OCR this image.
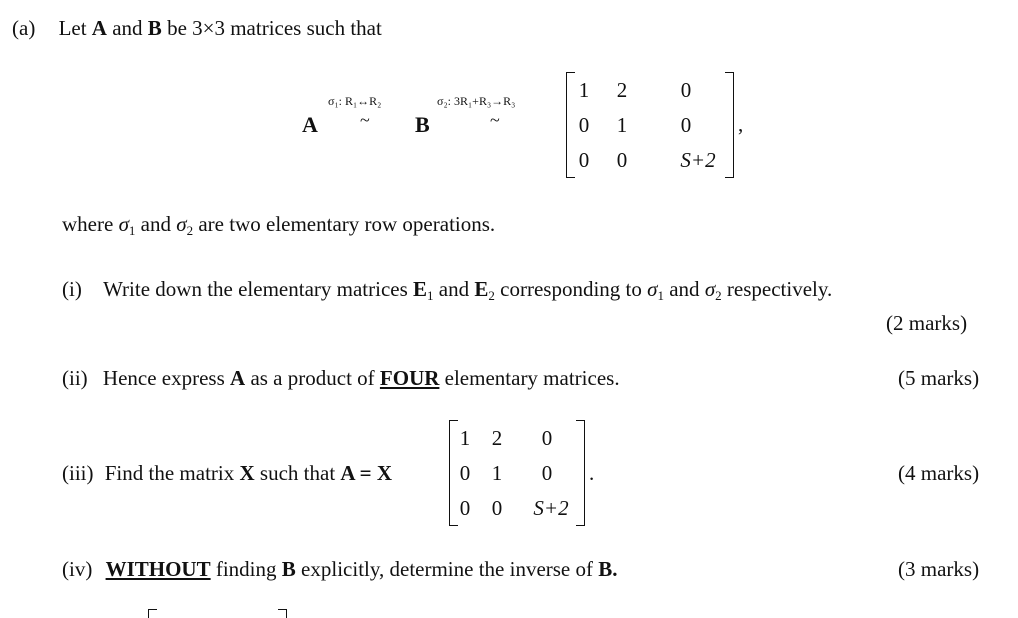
(a) Let A and B be 3×3 matrices such that
A
σ₁: R₁↔R₂
~ B
σ₂: 3R₁+R₃→R₃
~
1 2	0
0 1	0
0 0	S+2
,
where $\sigma_1$ and $\sigma_2$ are two elementary row operations.
(i) Write down the elementary matrices $E_1$ and $E_2$ corresponding to $\sigma_1$ and $\sigma_2$ respectively.
(2 marks)
(ii) Hence express A as a product of FOUR elementary matrices.	(5 marks)
(iii) Find the matrix X such that A = X
1 2 0
0 1 0
0 0 S+2
.	(4 marks)
(iv) WITHOUT finding B explicitly, determine the inverse of B.	(3 marks)
